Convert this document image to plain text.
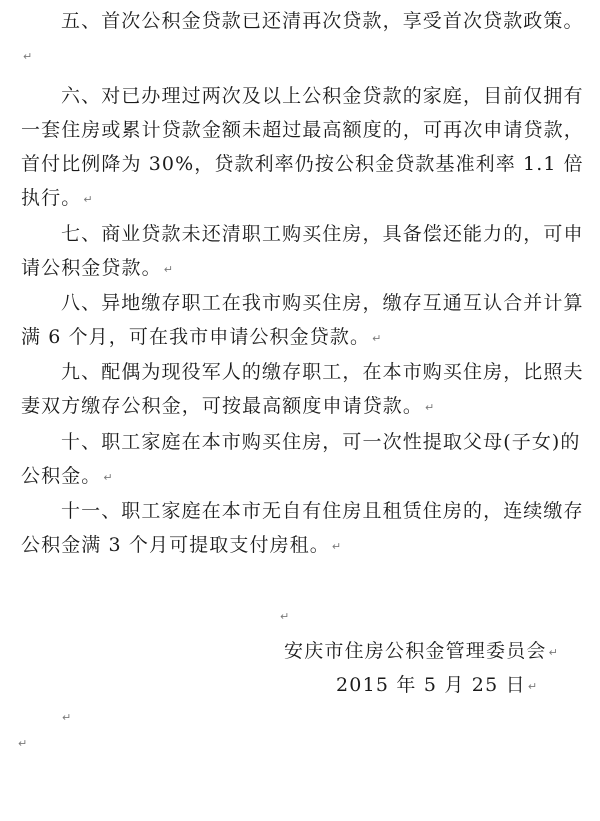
五、首次公积金贷款已还清再次贷款，享受首次贷款政策。↵

六、对已办理过两次及以上公积金贷款的家庭，目前仅拥有一套住房或累计贷款金额未超过最高额度的，可再次申请贷款，首付比例降为 30%，贷款利率仍按公积金贷款基准利率 1.1 倍执行。 ↵

七、商业贷款未还清职工购买住房，具备偿还能力的，可申请公积金贷款。 ↵

八、异地缴存职工在我市购买住房，缴存互通互认合并计算满 6 个月，可在我市申请公积金贷款。 ↵

九、配偶为现役军人的缴存职工，在本市购买住房，比照夫妻双方缴存公积金，可按最高额度申请贷款。 ↵

十、职工家庭在本市购买住房，可一次性提取父母(子女)的公积金。 ↵

十一、职工家庭在本市无自有住房且租赁住房的，连续缴存公积金满 3 个月可提取支付房租。 ↵

↵
安庆市住房公积金管理委员会 ↵
2015 年 5 月 25 日 ↵
↵
↵
